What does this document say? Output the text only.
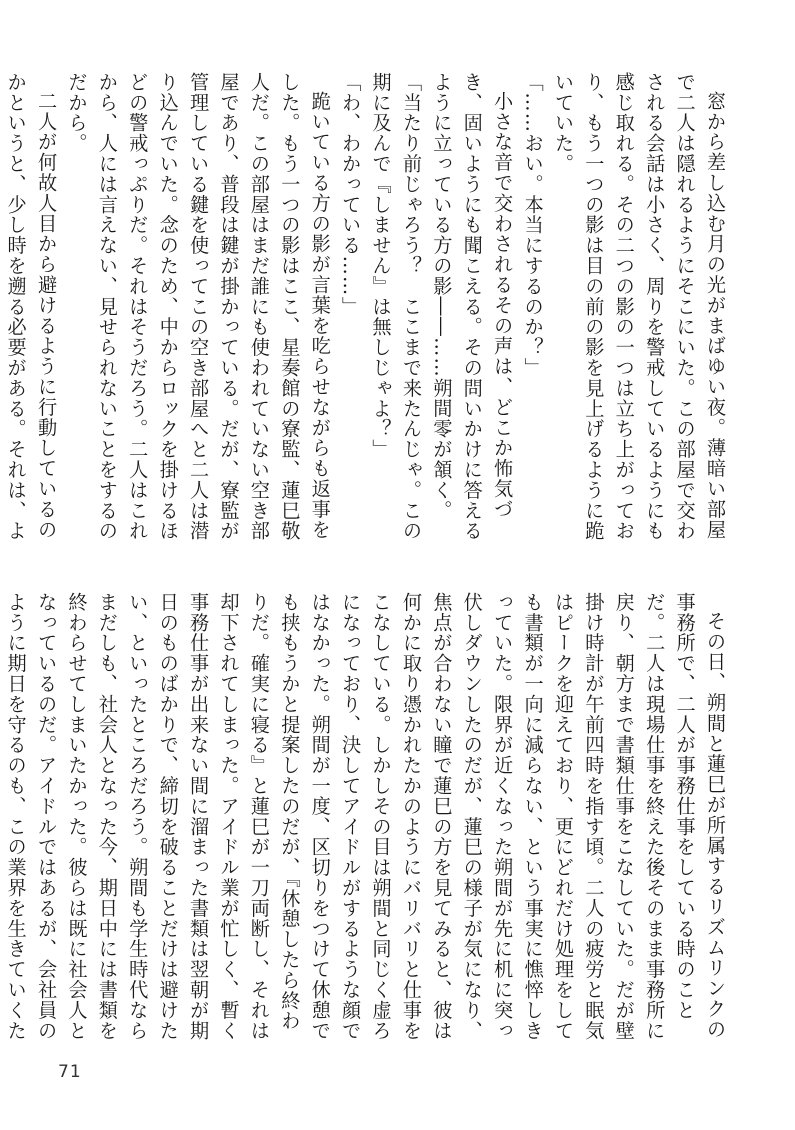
窓から差し込む月の光がまばゆい夜。薄暗い部屋で二人は隠れるようにそこにいた。この部屋で交わされる会話は小さく、周りを警戒しているようにも感じ取れる。その二つの影の一つは立ち上がっており、もう一つの影は目の前の影を見上げるように跪いていた。

「……おい。本当にするのか？」

小さな音で交わされるその声は、どこか怖気づき、固いようにも聞こえる。その問いかけに答えるように立っている方の影――……朔間零が頷く。

「当たり前じゃろう？　ここまで来たんじゃ。この期に及んで『しません』は無しじゃよ？」

「わ、わかっている……」

跪いている方の影が言葉を吃らせながらも返事をした。もう一つの影はここ、星奏館の寮監、蓮巳敬人だ。この部屋はまだ誰にも使われていない空き部屋であり、普段は鍵が掛かっている。だが、寮監が管理している鍵を使ってこの空き部屋へと二人は潜り込んでいた。念のため、中からロックを掛けるほどの警戒っぷりだ。それはそうだろう。二人はこれから、人には言えない、見せられないことをするのだから。

二人が何故人目から避けるように行動しているのかというと、少し時を遡る必要がある。それは、よ

その日、朔間と蓮巳が所属するリズムリンクの事務所で、二人が事務仕事をしている時のことだ。二人は現場仕事を終えた後そのまま事務所に戻り、朝方まで書類仕事をこなしていた。だが壁掛け時計が午前四時を指す頃。二人の疲労と眠気はピークを迎えており、更にどれだけ処理をしても書類が一向に減らない、という事実に憔悴しきっていた。限界が近くなった朔間が先に机に突っ伏しダウンしたのだが、蓮巳の様子が気になり、焦点が合わない瞳で蓮巳の方を見てみると、彼は何かに取り憑かれたかのようにバリバリと仕事をこなしている。しかしその目は朔間と同じく虚ろになっており、決してアイドルがするような顔ではなかった。朔間が一度、区切りをつけて休憩でも挟もうかと提案したのだが、『休憩したら終わりだ。確実に寝る』と蓮巳が一刀両断し、それは却下されてしまった。アイドル業が忙しく、暫く事務仕事が出来ない間に溜まった書類は翌朝が期日のものばかりで、締切を破ることだけは避けたい、といったところだろう。朔間も学生時代ならまだしも、社会人となった今、期日中には書類を終わらせてしまいたかった。彼らは既に社会人となっているのだ。アイドルではあるが、会社員のように期日を守るのも、この業界を生きていくた

71
